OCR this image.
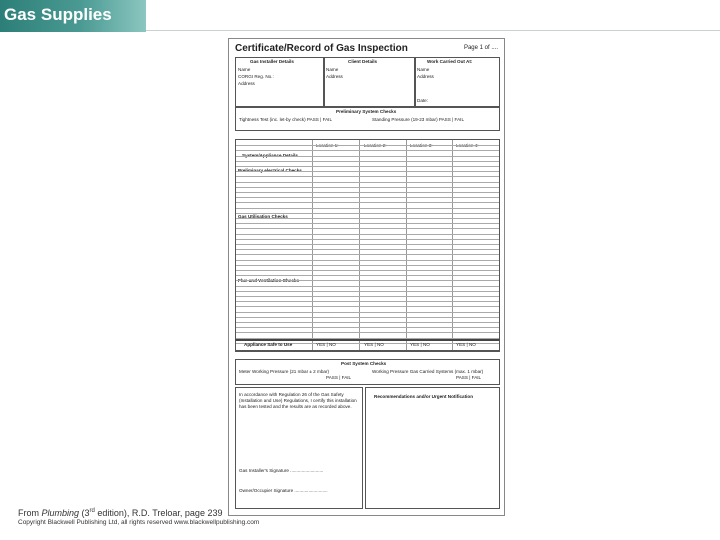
Gas Supplies
Certificate/Record of Gas Inspection	Page 1 of ....
Gas Installer Details
Name
CORGI Reg. No.:
Address
Client Details
Name
Address
Work Carried Out At:
Name
Address
Date:
Preliminary System Checks
Tightness Test (inc. let-by check) PASS | FAIL	Standing Pressure (19-23 mbar) PASS | FAIL
System/Appliance Details
Location 1:	Location 2:	Location 3:	Location 4:
Preliminary electrical Checks
Gas Utilisation Checks
Flue and Ventilation Checks
Appliance Safe to Use	YES | NO	YES | NO	YES | NO	YES | NO
Post System Checks
Meter Working Pressure (21 mbar ± 2 mbar)
PASS | FAIL
Working Pressure Gas Carried Systems (max. 1 mbar)
PASS | FAIL
In accordance with Regulation 26 of the Gas Safety (Installation and Use) Regulations, I certify this installation has been tested and the results are as recorded above.
Gas Installer's Signature ..........................
Owner/Occupier Signature ..........................
Recommendations and/or Urgent Notification
From Plumbing (3rd edition), R.D. Treloar, page 239
Copyright Blackwell Publishing Ltd, all rights reserved www.blackwellpublishing.com
